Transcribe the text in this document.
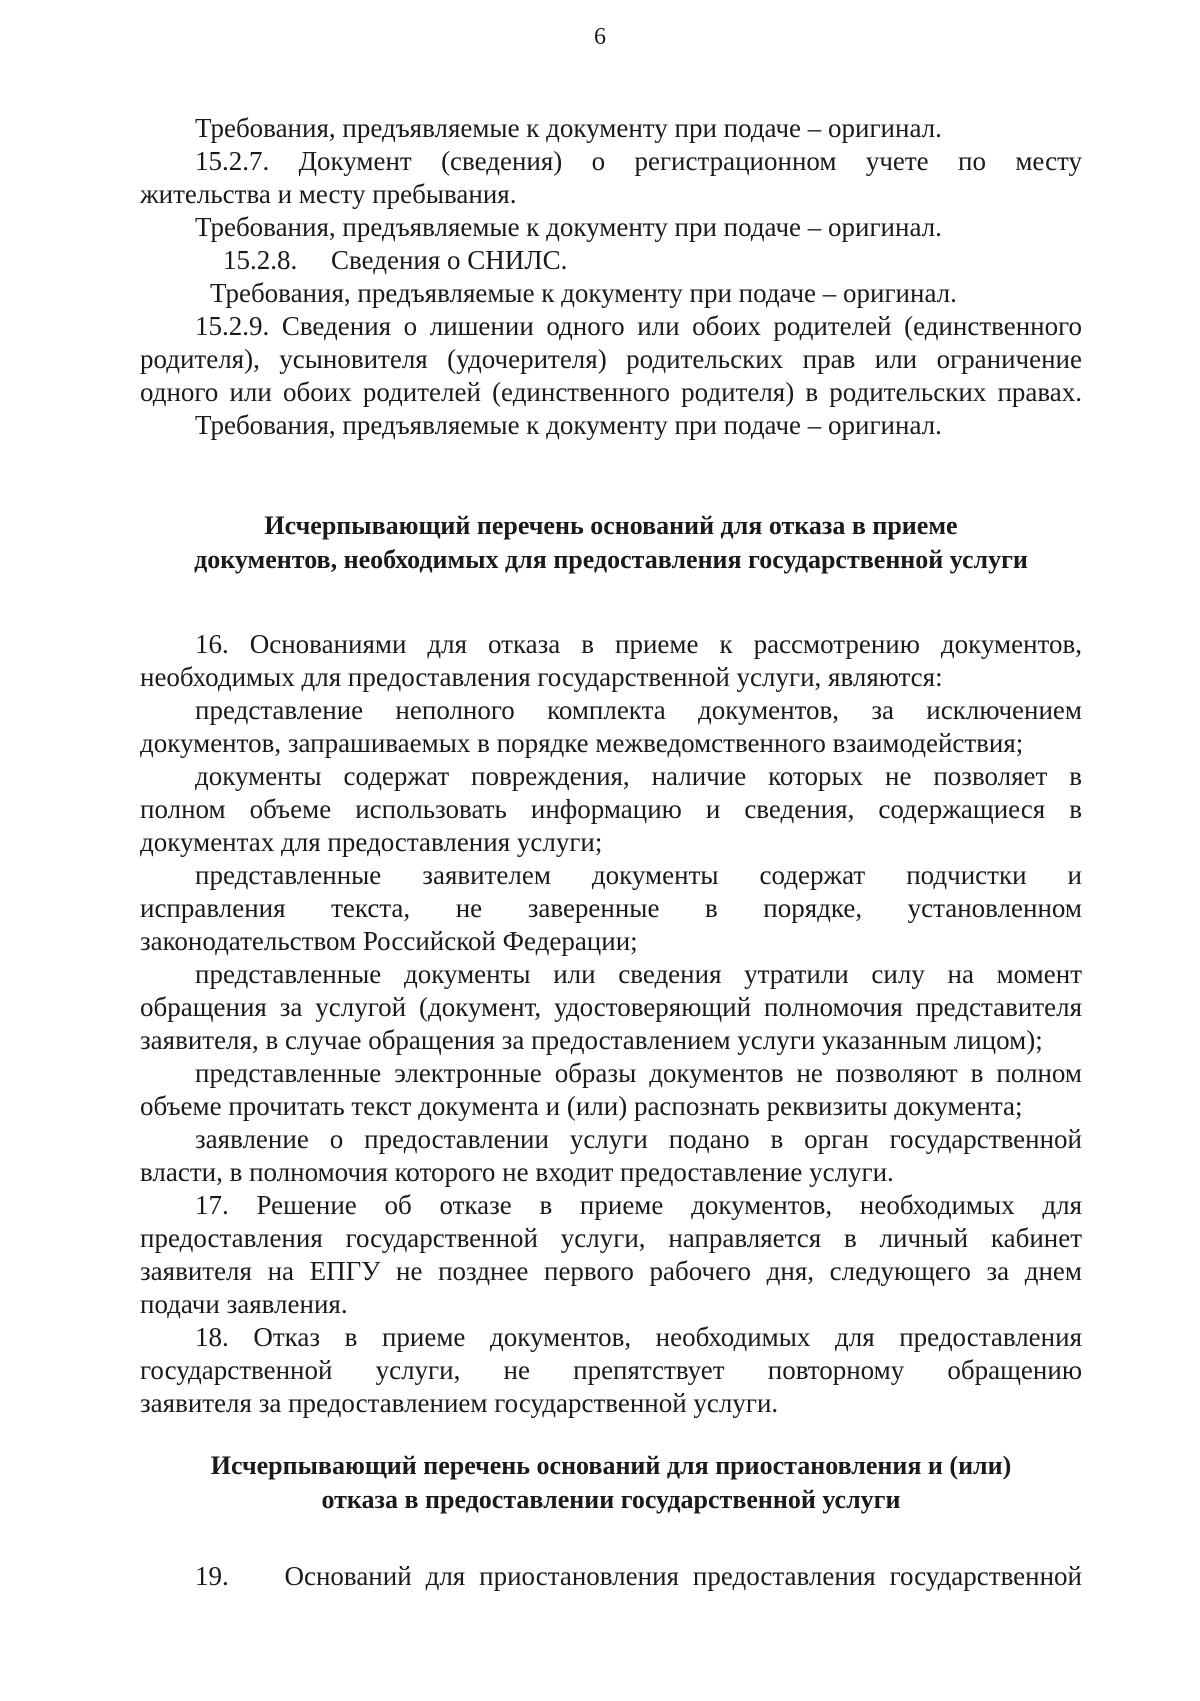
6
Требования, предъявляемые к документу при подаче – оригинал.
15.2.7. Документ (сведения) о регистрационном учете по месту
жительства и месту пребывания.
Требования, предъявляемые к документу при подаче – оригинал.
15.2.8.     Сведения о СНИЛС.
Требования, предъявляемые к документу при подаче – оригинал.
15.2.9. Сведения о лишении одного или обоих родителей (единственного
родителя), усыновителя (удочерителя) родительских прав или ограничение
одного или обоих родителей (единственного родителя) в родительских правах.
Требования, предъявляемые к документу при подаче – оригинал.
Исчерпывающий перечень оснований для отказа в приеме
документов, необходимых для предоставления государственной услуги
16. Основаниями для отказа в приеме к рассмотрению документов,
необходимых для предоставления государственной услуги, являются:
представление неполного комплекта документов, за исключением
документов, запрашиваемых в порядке межведомственного взаимодействия;
документы содержат повреждения, наличие которых не позволяет в
полном объеме использовать информацию и сведения, содержащиеся в
документах для предоставления услуги;
представленные заявителем документы содержат подчистки и
исправления текста, не заверенные в порядке, установленном
законодательством Российской Федерации;
представленные документы или сведения утратили силу на момент
обращения за услугой (документ, удостоверяющий полномочия представителя
заявителя, в случае обращения за предоставлением услуги указанным лицом);
представленные электронные образы документов не позволяют в полном
объеме прочитать текст документа и (или) распознать реквизиты документа;
заявление о предоставлении услуги подано в орган государственной
власти, в полномочия которого не входит предоставление услуги.
17. Решение об отказе в приеме документов, необходимых для
предоставления государственной услуги, направляется в личный кабинет
заявителя на ЕПГУ не позднее первого рабочего дня, следующего за днем
подачи заявления.
18. Отказ в приеме документов, необходимых для предоставления
государственной услуги, не препятствует повторному обращению
заявителя за предоставлением государственной услуги.
Исчерпывающий перечень оснований для приостановления и (или)
отказа в предоставлении государственной услуги
19.    Оснований для приостановления предоставления государственной
